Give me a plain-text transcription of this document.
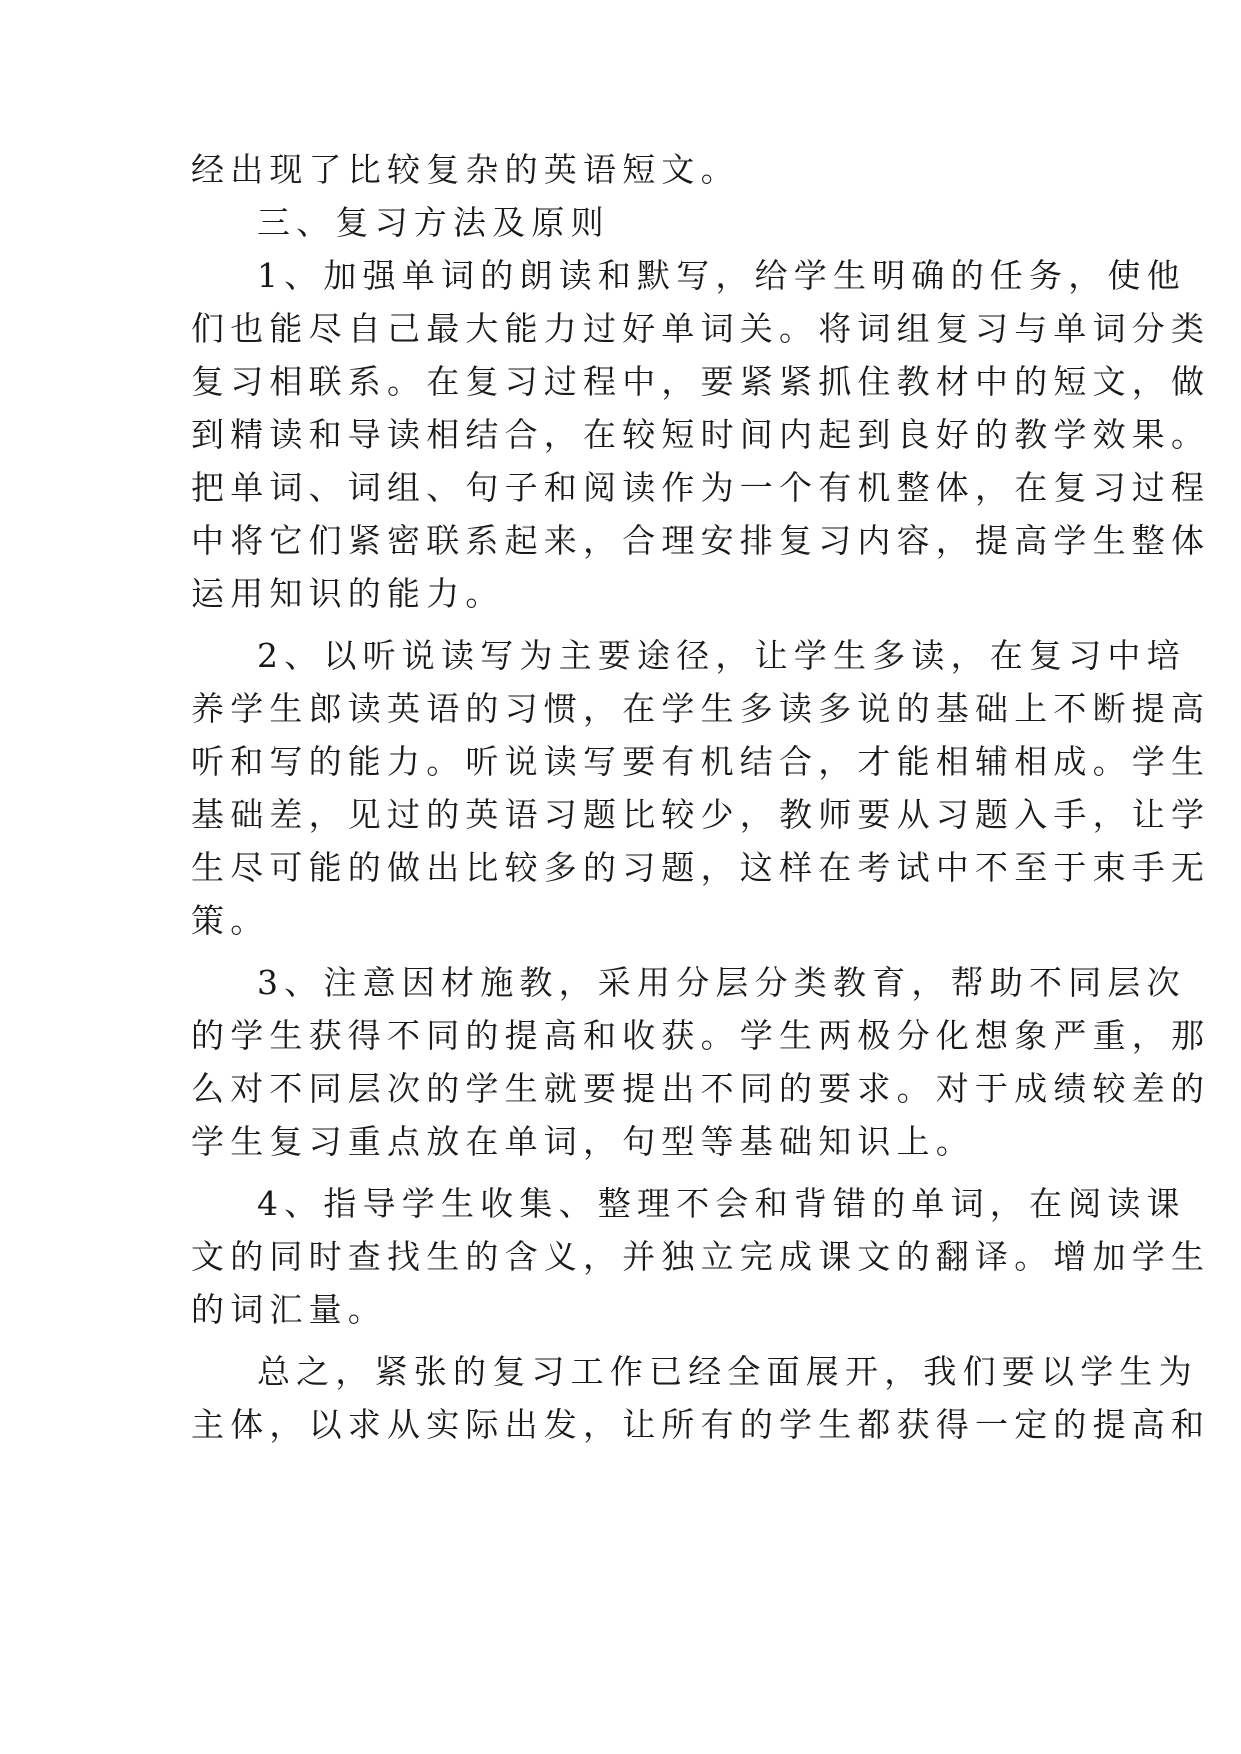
经出现了比较复杂的英语短文。
三、复习方法及原则
1、加强单词的朗读和默写，给学生明确的任务，使他
们也能尽自己最大能力过好单词关。将词组复习与单词分类
复习相联系。在复习过程中，要紧紧抓住教材中的短文，做
到精读和导读相结合，在较短时间内起到良好的教学效果。
把单词、词组、句子和阅读作为一个有机整体，在复习过程
中将它们紧密联系起来，合理安排复习内容，提高学生整体
运用知识的能力。
2、以听说读写为主要途径，让学生多读，在复习中培
养学生郎读英语的习惯，在学生多读多说的基础上不断提高
听和写的能力。听说读写要有机结合，才能相辅相成。学生
基础差，见过的英语习题比较少，教师要从习题入手，让学
生尽可能的做出比较多的习题，这样在考试中不至于束手无
策。
3、注意因材施教，采用分层分类教育，帮助不同层次
的学生获得不同的提高和收获。学生两极分化想象严重，那
么对不同层次的学生就要提出不同的要求。对于成绩较差的
学生复习重点放在单词，句型等基础知识上。
4、指导学生收集、整理不会和背错的单词，在阅读课
文的同时查找生的含义，并独立完成课文的翻译。增加学生
的词汇量。
总之，紧张的复习工作已经全面展开，我们要以学生为
主体，以求从实际出发，让所有的学生都获得一定的提高和
